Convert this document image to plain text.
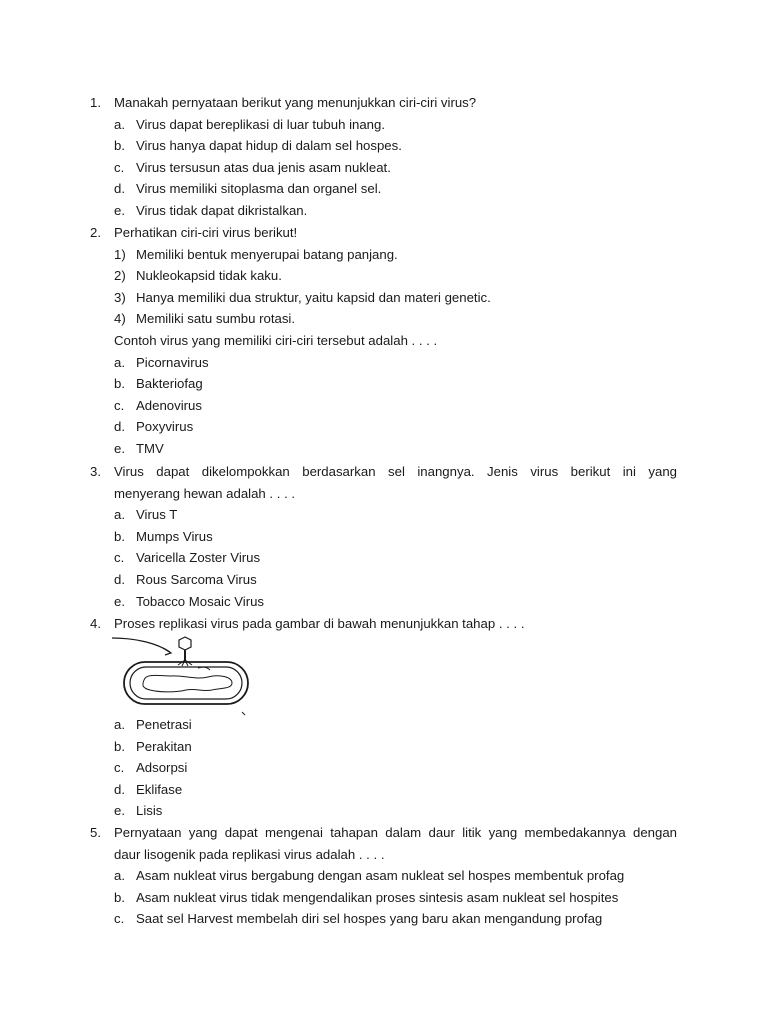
1. Manakah pernyataan berikut yang menunjukkan ciri-ciri virus?
a. Virus dapat bereplikasi di luar tubuh inang.
b. Virus hanya dapat hidup di dalam sel hospes.
c. Virus tersusun atas dua jenis asam nukleat.
d. Virus memiliki sitoplasma dan organel sel.
e. Virus tidak dapat dikristalkan.
2. Perhatikan ciri-ciri virus berikut!
1) Memiliki bentuk menyerupai batang panjang.
2) Nukleokapsid tidak kaku.
3) Hanya memiliki dua struktur, yaitu kapsid dan materi genetic.
4) Memiliki satu sumbu rotasi.
Contoh virus yang memiliki ciri-ciri tersebut adalah . . . .
a. Picornavirus
b. Bakteriofag
c. Adenovirus
d. Poxyvirus
e. TMV
3. Virus dapat dikelompokkan berdasarkan sel inangnya. Jenis virus berikut ini yang
menyerang hewan adalah . . . .
a. Virus T
b. Mumps Virus
c. Varicella Zoster Virus
d. Rous Sarcoma Virus
e. Tobacco Mosaic Virus
4. Proses replikasi virus pada gambar di bawah menunjukkan tahap . . . .
a. Penetrasi
b. Perakitan
c. Adsorpsi
d. Eklifase
e. Lisis
5. Pernyataan yang dapat mengenai tahapan dalam daur litik yang membedakannya dengan
daur lisogenik pada replikasi virus adalah . . . .
a. Asam nukleat virus bergabung dengan asam nukleat sel hospes membentuk profag
b. Asam nukleat virus tidak mengendalikan proses sintesis asam nukleat sel hospites
c. Saat sel Harvest membelah diri sel hospes yang baru akan mengandung profag
